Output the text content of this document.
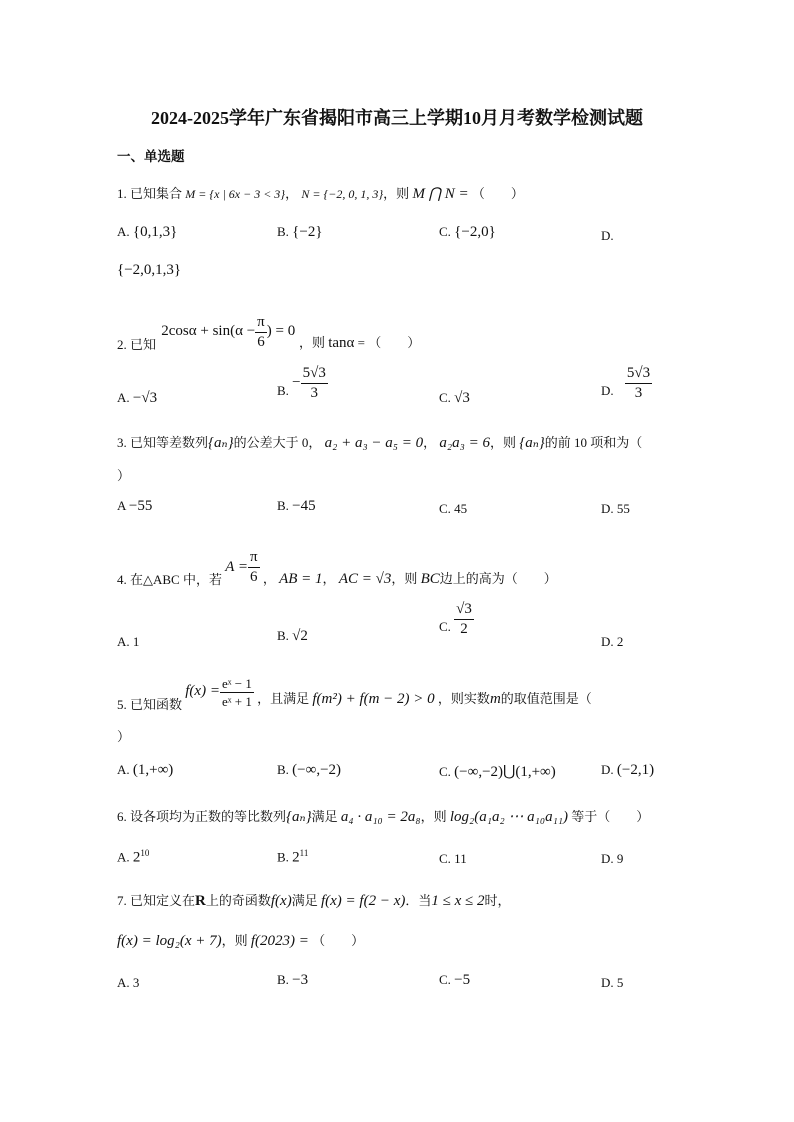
2024-2025学年广东省揭阳市高三上学期10月月考数学检测试题
一、单选题
1. 已知集合 M = {x | 6x − 3 < 3}， N = {−2, 0, 1, 3}，则 M ⋂ N = （　　）
A. {0,1,3}	B. {−2}	C. {−2,0}	D.
{−2,0,1,3}
2. 已知 $2\cos\alpha + \sin(\alpha - \frac{\pi}{6}$ ) = 0 ，则 tanα = （　　）
A. −√3	B. − $\frac{5√3}{3}$	C. √3	D. $\frac{5√3}{3}$
3. 已知等差数列{aₙ}的公差大于 0， a₂ + a₃ − a₅ = 0， a₂a₃ = 6，则 {aₙ}的前 10 项和为（
）
A −55	B. −45	C. 45	D. 55
4. 在△ABC 中，若 $A = \frac{\pi}{6}$ ， AB = 1， AC = √3，则 BC边上的高为（　　）
A. 1	B. √2
C. $\frac{√3}{2}$
D. 2
5. 已知函数 $f(x) = \frac{\text{eˣ − 1}}{\text{eˣ + 1}}$ ，且满足 f(m²) + f(m − 2) > 0 ，则实数m的取值范围是（
）
A. (1,+∞)	B. (−∞,−2)	C. (−∞,−2)⋃(1,+∞)	D. (−2,1)
6. 设各项均为正数的等比数列{aₙ}满足 a₄ · a₁₀ = 2a₈，则 log₂(a₁a₂ ⋯ a₁₀a₁₁) 等于（　　）
A. $2^{10}$	B. $2^{11}$	C. 11	D. 9
7. 已知定义在R上的奇函数f(x)满足 f(x) = f(2 − x)．当1 ≤ x ≤ 2时，
f(x) = log₂(x + 7)，则 f(2023) = （　　）
A. 3	B. −3	C. −5	D. 5
